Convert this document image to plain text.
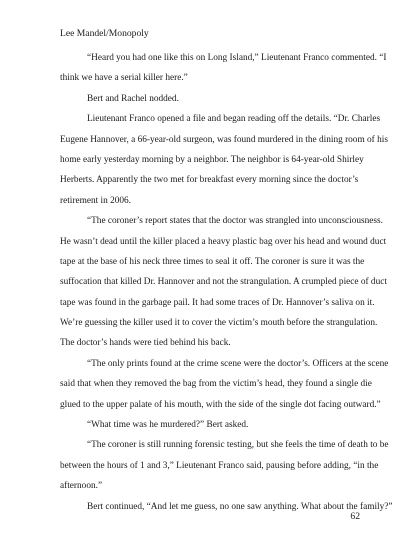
Lee Mandel/Monopoly
“Heard you had one like this on Long Island,” Lieutenant Franco commented. “I
think we have a serial killer here.”
Bert and Rachel nodded.
Lieutenant Franco opened a file and began reading off the details. “Dr. Charles
Eugene Hannover, a 66-year-old surgeon, was found murdered in the dining room of his
home early yesterday morning by a neighbor. The neighbor is 64-year-old Shirley
Herberts. Apparently the two met for breakfast every morning since the doctor’s
retirement in 2006.
“The coroner’s report states that the doctor was strangled into unconsciousness.
He wasn’t dead until the killer placed a heavy plastic bag over his head and wound duct
tape at the base of his neck three times to seal it off. The coroner is sure it was the
suffocation that killed Dr. Hannover and not the strangulation. A crumpled piece of duct
tape was found in the garbage pail. It had some traces of Dr. Hannover’s saliva on it.
We’re guessing the killer used it to cover the victim’s mouth before the strangulation.
The doctor’s hands were tied behind his back.
“The only prints found at the crime scene were the doctor’s. Officers at the scene
said that when they removed the bag from the victim’s head, they found a single die
glued to the upper palate of his mouth, with the side of the single dot facing outward.”
“What time was he murdered?” Bert asked.
“The coroner is still running forensic testing, but she feels the time of death to be
between the hours of 1 and 3,” Lieutenant Franco said, pausing before adding, “in the
afternoon.”
Bert continued, “And let me guess, no one saw anything. What about the family?”
62
